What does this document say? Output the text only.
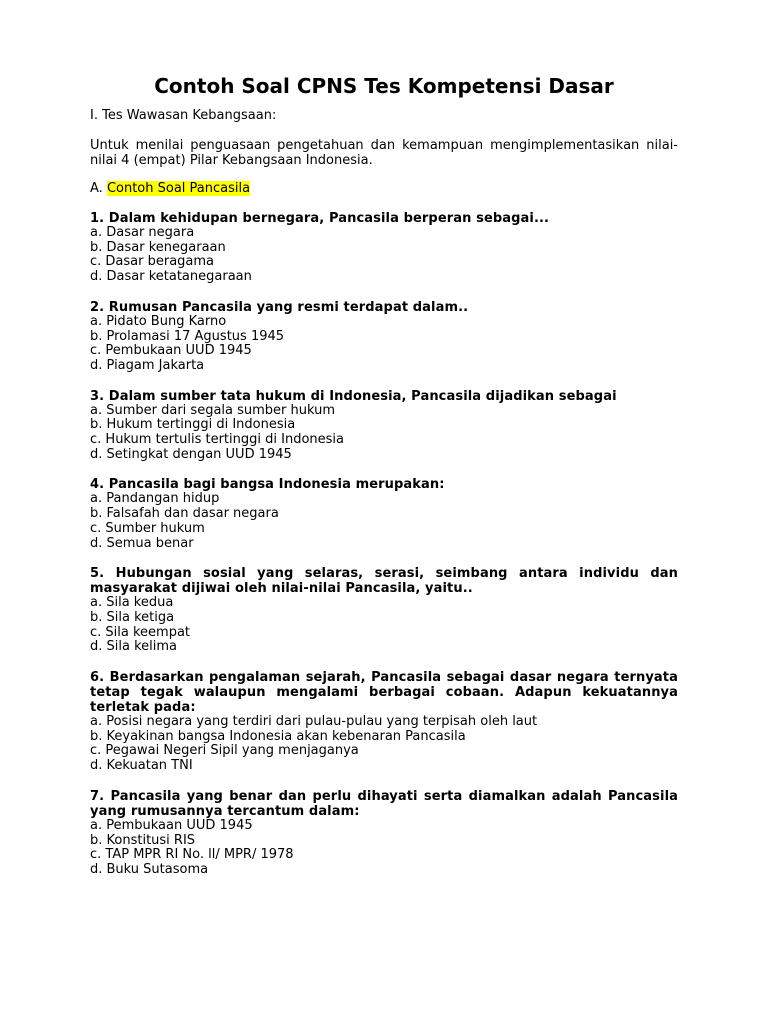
Contoh Soal CPNS Tes Kompetensi Dasar
I. Tes Wawasan Kebangsaan:
Untuk menilai penguasaan pengetahuan dan kemampuan mengimplementasikan nilai-nilai 4 (empat) Pilar Kebangsaan Indonesia.
A. Contoh Soal Pancasila
1. Dalam kehidupan bernegara, Pancasila berperan sebagai...
a. Dasar negara
b. Dasar kenegaraan
c. Dasar beragama
d. Dasar ketatanegaraan
2. Rumusan Pancasila yang resmi terdapat dalam..
a. Pidato Bung Karno
b. Prolamasi 17 Agustus 1945
c. Pembukaan UUD 1945
d. Piagam Jakarta
3. Dalam sumber tata hukum di Indonesia, Pancasila dijadikan sebagai
a. Sumber dari segala sumber hukum
b. Hukum tertinggi di Indonesia
c. Hukum tertulis tertinggi di Indonesia
d. Setingkat dengan UUD 1945
4. Pancasila bagi bangsa Indonesia merupakan:
a. Pandangan hidup
b. Falsafah dan dasar negara
c. Sumber hukum
d. Semua benar
5. Hubungan sosial yang selaras, serasi, seimbang antara individu dan masyarakat dijiwai oleh nilai-nilai Pancasila, yaitu..
a. Sila kedua
b. Sila ketiga
c. Sila keempat
d. Sila kelima
6. Berdasarkan pengalaman sejarah, Pancasila sebagai dasar negara ternyata tetap tegak walaupun mengalami berbagai cobaan. Adapun kekuatannya terletak pada:
a. Posisi negara yang terdiri dari pulau-pulau yang terpisah oleh laut
b. Keyakinan bangsa Indonesia akan kebenaran Pancasila
c. Pegawai Negeri Sipil yang menjaganya
d. Kekuatan TNI
7. Pancasila yang benar dan perlu dihayati serta diamalkan adalah Pancasila yang rumusannya tercantum dalam:
a. Pembukaan UUD 1945
b. Konstitusi RIS
c. TAP MPR RI No. ll/ MPR/ 1978
d. Buku Sutasoma
